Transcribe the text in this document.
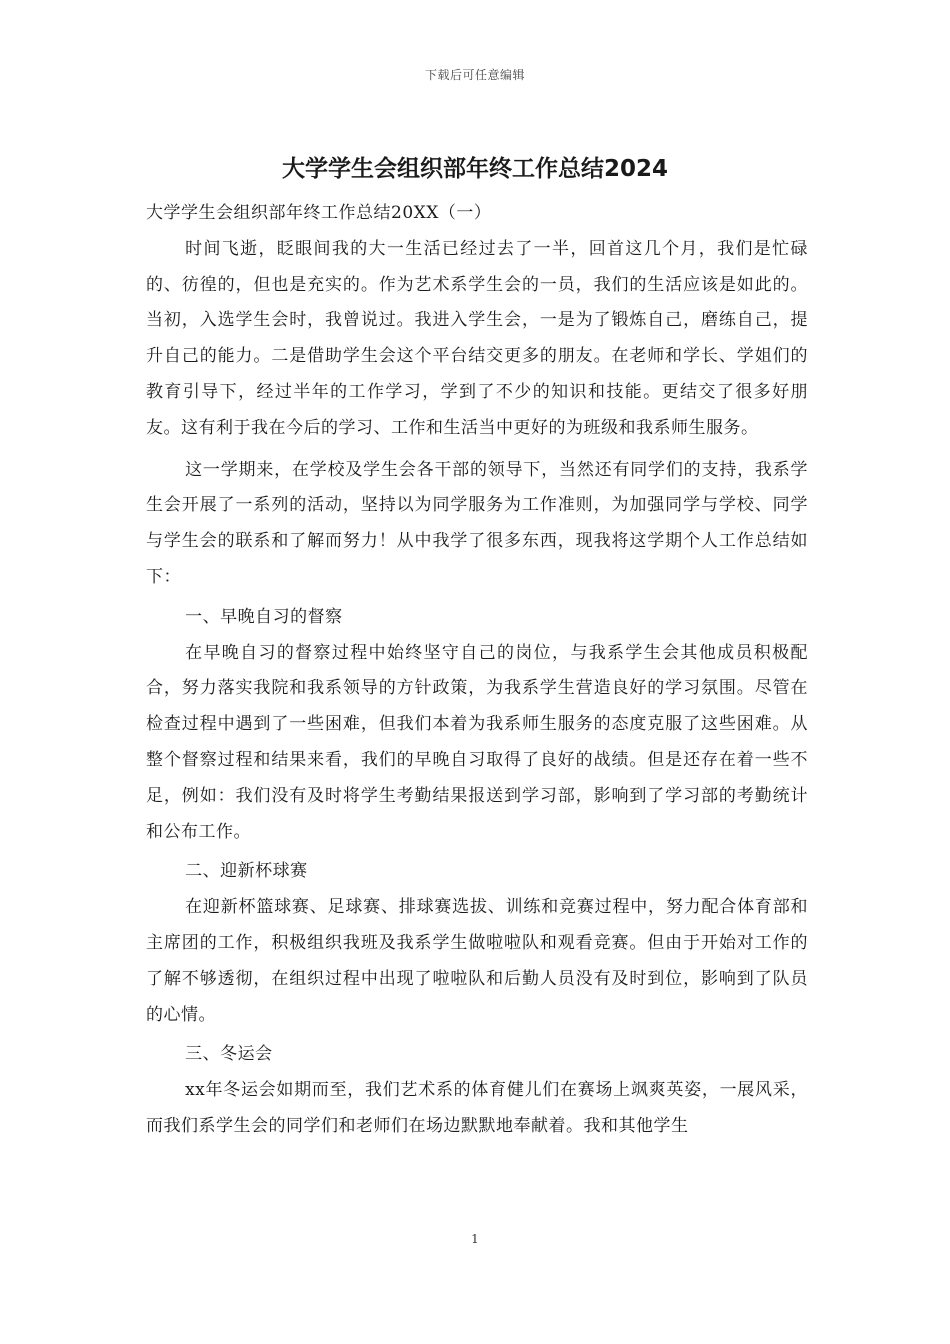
下载后可任意编辑
大学学生会组织部年终工作总结2024

大学学生会组织部年终工作总结20XX（一）

时间飞逝，眨眼间我的大一生活已经过去了一半，回首这几个月，我们是忙碌的、彷徨的，但也是充实的。作为艺术系学生会的一员，我们的生活应该是如此的。当初，入选学生会时，我曾说过。我进入学生会，一是为了锻炼自己，磨练自己，提升自己的能力。二是借助学生会这个平台结交更多的朋友。在老师和学长、学姐们的教育引导下，经过半年的工作学习，学到了不少的知识和技能。更结交了很多好朋友。这有利于我在今后的学习、工作和生活当中更好的为班级和我系师生服务。

这一学期来，在学校及学生会各干部的领导下，当然还有同学们的支持，我系学生会开展了一系列的活动，坚持以为同学服务为工作准则，为加强同学与学校、同学与学生会的联系和了解而努力！从中我学了很多东西，现我将这学期个人工作总结如下：

一、早晚自习的督察

在早晚自习的督察过程中始终坚守自己的岗位，与我系学生会其他成员积极配合，努力落实我院和我系领导的方针政策，为我系学生营造良好的学习氛围。尽管在检查过程中遇到了一些困难，但我们本着为我系师生服务的态度克服了这些困难。从整个督察过程和结果来看，我们的早晚自习取得了良好的战绩。但是还存在着一些不足，例如：我们没有及时将学生考勤结果报送到学习部，影响到了学习部的考勤统计和公布工作。

二、迎新杯球赛

在迎新杯篮球赛、足球赛、排球赛选拔、训练和竞赛过程中，努力配合体育部和主席团的工作，积极组织我班及我系学生做啦啦队和观看竞赛。但由于开始对工作的了解不够透彻，在组织过程中出现了啦啦队和后勤人员没有及时到位，影响到了队员的心情。

三、冬运会

xx年冬运会如期而至，我们艺术系的体育健儿们在赛场上飒爽英姿，一展风采，而我们系学生会的同学们和老师们在场边默默地奉献着。我和其他学生

1
